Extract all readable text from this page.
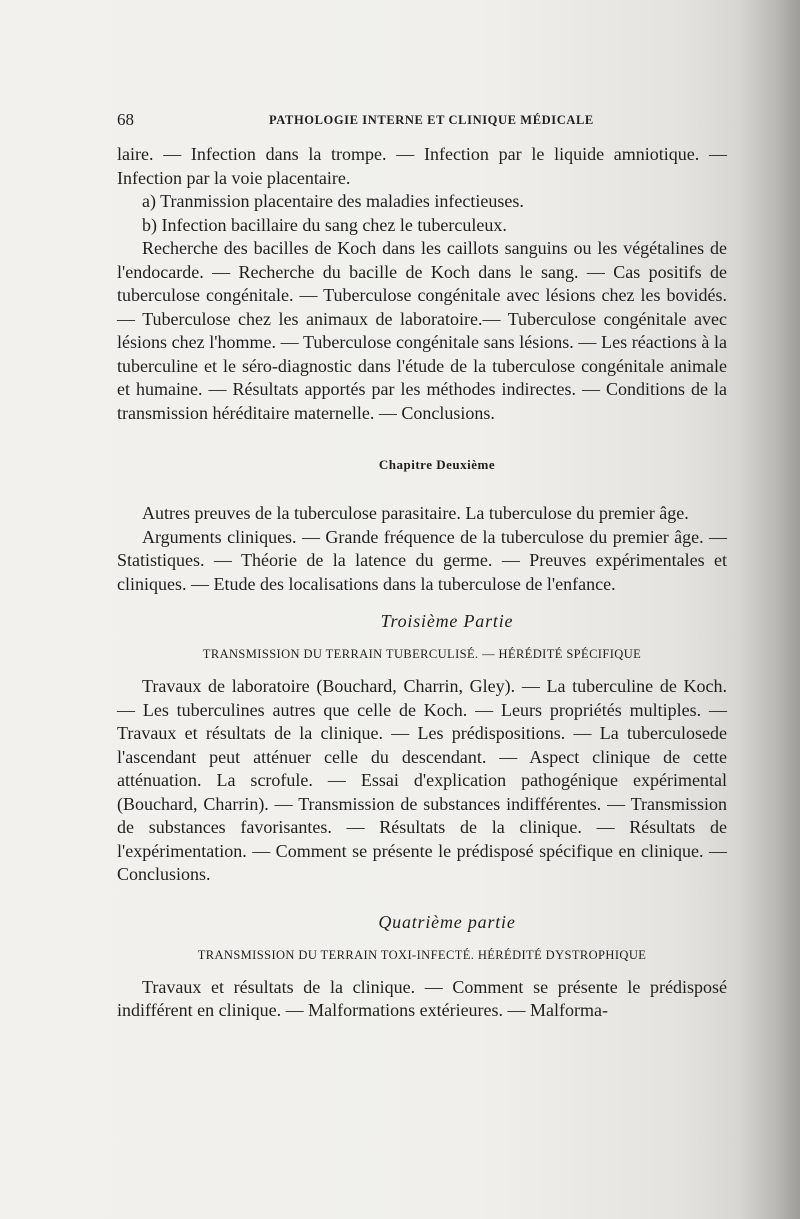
68	PATHOLOGIE INTERNE ET CLINIQUE MÉDICALE

laire. — Infection dans la trompe. — Infection par le liquide amniotique. — Infection par la voie placentaire.

a) Tranmission placentaire des maladies infectieuses.

b) Infection bacillaire du sang chez le tuberculeux.

Recherche des bacilles de Koch dans les caillots sanguins ou les végétalines de l'endocarde. — Recherche du bacille de Koch dans le sang. — Cas positifs de tuberculose congénitale. — Tuberculose congénitale avec lésions chez les bovidés.— Tuberculose chez les animaux de laboratoire.— Tuberculose congénitale avec lésions chez l'homme. — Tuberculose congénitale sans lésions. — Les réactions à la tuberculine et le séro-diagnostic dans l'étude de la tuberculose congénitale animale et humaine. — Résultats apportés par les méthodes indirectes. — Conditions de la transmission héréditaire maternelle. — Conclusions.

Chapitre Deuxième

Autres preuves de la tuberculose parasitaire. La tuberculose du premier âge.

Arguments cliniques. — Grande fréquence de la tuberculose du premier âge. — Statistiques. — Théorie de la latence du germe. — Preuves expérimentales et cliniques. — Etude des localisations dans la tuberculose de l'enfance.

Troisième Partie
TRANSMISSION DU TERRAIN TUBERCULISÉ. — HÉRÉDITÉ SPÉCIFIQUE

Travaux de laboratoire (Bouchard, Charrin, Gley). — La tuberculine de Koch. — Les tuberculines autres que celle de Koch. — Leurs propriétés multiples. — Travaux et résultats de la clinique. — Les prédispositions. — La tuberculosede l'ascendant peut atténuer celle du descendant. — Aspect clinique de cette atténuation. La scrofule. — Essai d'explication pathogénique expérimental (Bouchard, Charrin). — Transmission de substances indifférentes. — Transmission de substances favorisantes. — Résultats de la clinique. — Résultats de l'expérimentation. — Comment se présente le prédisposé spécifique en clinique. — Conclusions.

Quatrième partie
TRANSMISSION DU TERRAIN TOXI-INFECTÉ. HÉRÉDITÉ DYSTROPHIQUE

Travaux et résultats de la clinique. — Comment se présente le prédisposé indifférent en clinique. — Malformations extérieures. — Malforma-
